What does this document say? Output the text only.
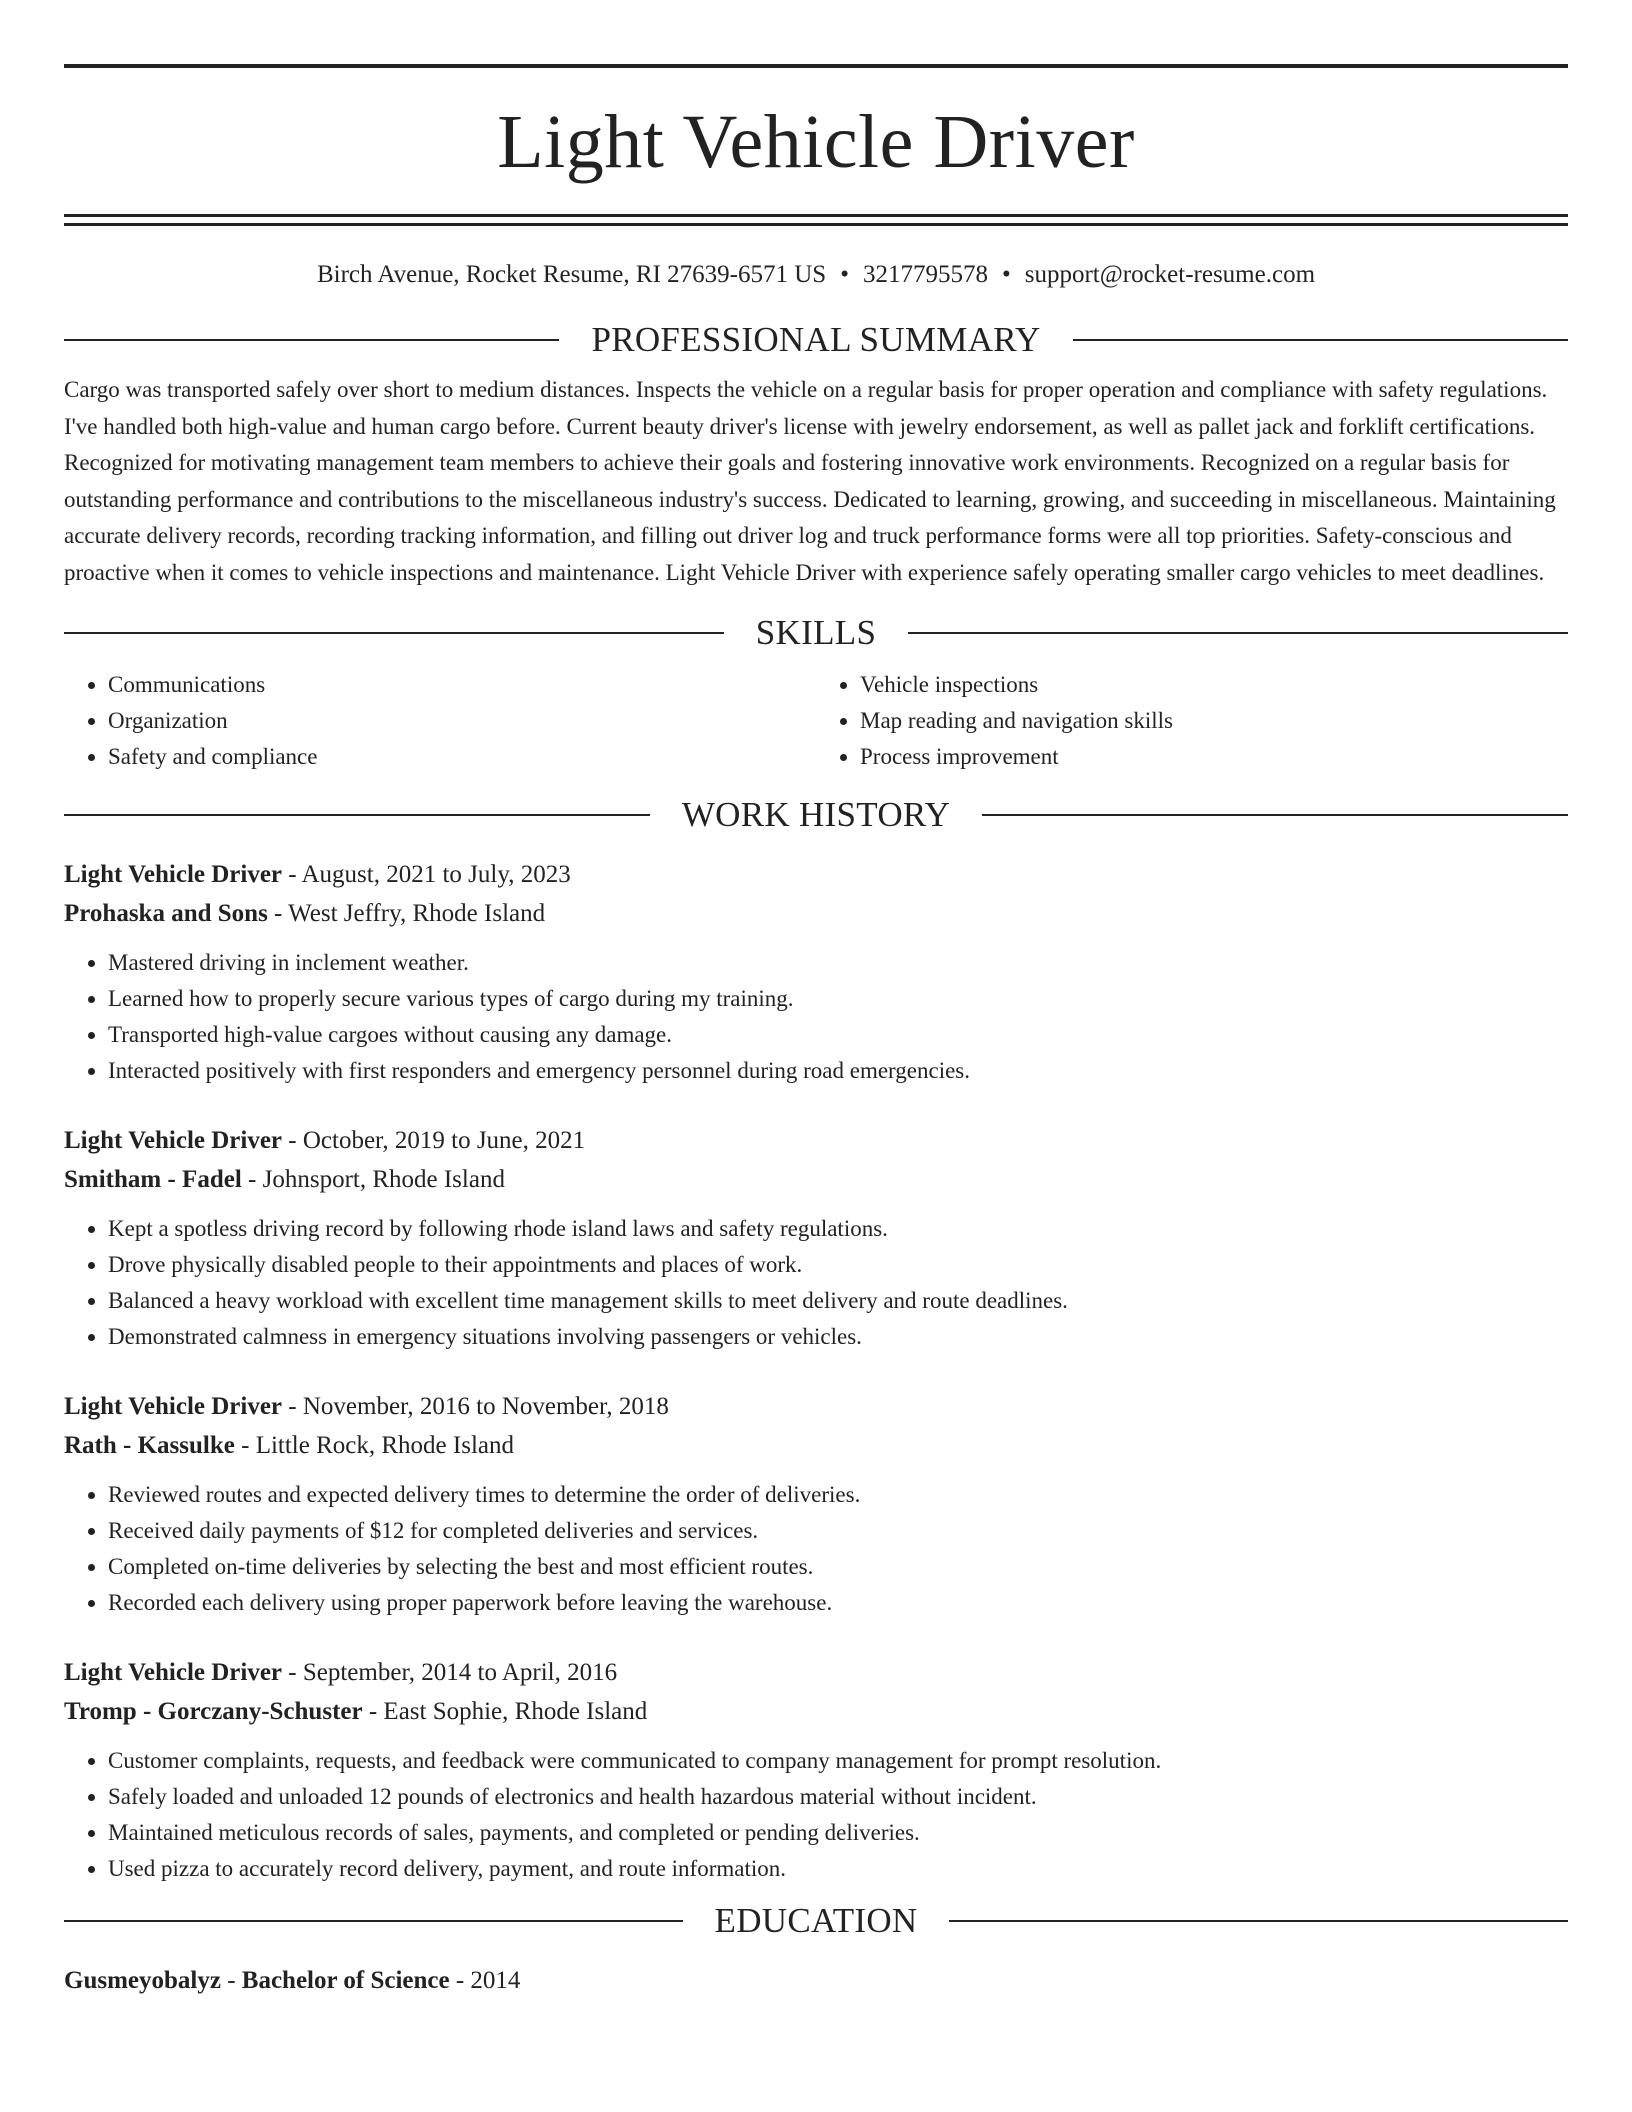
Light Vehicle Driver
Birch Avenue, Rocket Resume, RI 27639-6571 US • 3217795578 • support@rocket-resume.com
PROFESSIONAL SUMMARY
Cargo was transported safely over short to medium distances. Inspects the vehicle on a regular basis for proper operation and compliance with safety regulations. I've handled both high-value and human cargo before. Current beauty driver's license with jewelry endorsement, as well as pallet jack and forklift certifications. Recognized for motivating management team members to achieve their goals and fostering innovative work environments. Recognized on a regular basis for outstanding performance and contributions to the miscellaneous industry's success. Dedicated to learning, growing, and succeeding in miscellaneous. Maintaining accurate delivery records, recording tracking information, and filling out driver log and truck performance forms were all top priorities. Safety-conscious and proactive when it comes to vehicle inspections and maintenance. Light Vehicle Driver with experience safely operating smaller cargo vehicles to meet deadlines.
SKILLS
• Communications
• Organization
• Safety and compliance
• Vehicle inspections
• Map reading and navigation skills
• Process improvement
WORK HISTORY
Light Vehicle Driver - August, 2021 to July, 2023
Prohaska and Sons - West Jeffry, Rhode Island
• Mastered driving in inclement weather.
• Learned how to properly secure various types of cargo during my training.
• Transported high-value cargoes without causing any damage.
• Interacted positively with first responders and emergency personnel during road emergencies.
Light Vehicle Driver - October, 2019 to June, 2021
Smitham - Fadel - Johnsport, Rhode Island
• Kept a spotless driving record by following rhode island laws and safety regulations.
• Drove physically disabled people to their appointments and places of work.
• Balanced a heavy workload with excellent time management skills to meet delivery and route deadlines.
• Demonstrated calmness in emergency situations involving passengers or vehicles.
Light Vehicle Driver - November, 2016 to November, 2018
Rath - Kassulke - Little Rock, Rhode Island
• Reviewed routes and expected delivery times to determine the order of deliveries.
• Received daily payments of $12 for completed deliveries and services.
• Completed on-time deliveries by selecting the best and most efficient routes.
• Recorded each delivery using proper paperwork before leaving the warehouse.
Light Vehicle Driver - September, 2014 to April, 2016
Tromp - Gorczany-Schuster - East Sophie, Rhode Island
• Customer complaints, requests, and feedback were communicated to company management for prompt resolution.
• Safely loaded and unloaded 12 pounds of electronics and health hazardous material without incident.
• Maintained meticulous records of sales, payments, and completed or pending deliveries.
• Used pizza to accurately record delivery, payment, and route information.
EDUCATION
Gusmeyobalyz - Bachelor of Science - 2014
